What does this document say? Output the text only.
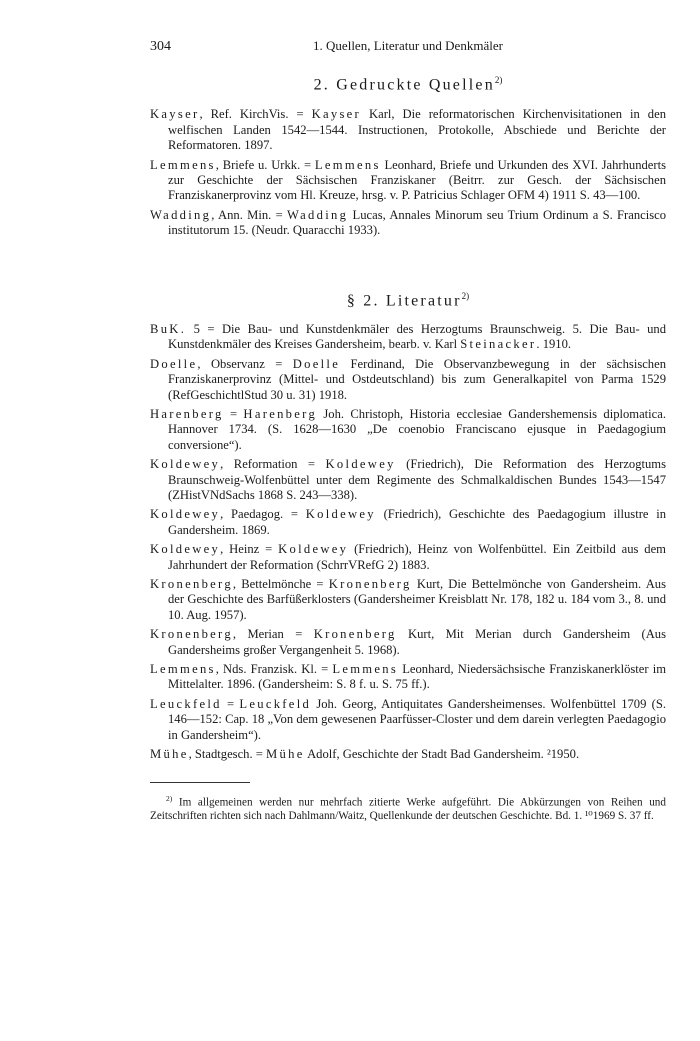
304	1. Quellen, Literatur und Denkmäler
2. Gedruckte Quellen$^{2)}$
Kayser, Ref. KirchVis. = Kayser Karl, Die reformatorischen Kirchenvisitationen in den welfischen Landen 1542—1544. Instructionen, Protokolle, Abschiede und Berichte der Reformatoren. 1897.
Lemmens, Briefe u. Urkk. = Lemmens Leonhard, Briefe und Urkunden des XVI. Jahrhunderts zur Geschichte der Sächsischen Franziskaner (Beitrr. zur Gesch. der Sächsischen Franziskanerprovinz vom Hl. Kreuze, hrsg. v. P. Patricius Schlager OFM 4) 1911 S. 43—100.
Wadding, Ann. Min. = Wadding Lucas, Annales Minorum seu Trium Ordinum a S. Francisco institutorum 15. (Neudr. Quaracchi 1933).
§ 2. Literatur$^{2)}$
BuK. 5 = Die Bau- und Kunstdenkmäler des Herzogtums Braunschweig. 5. Die Bau- und Kunstdenkmäler des Kreises Gandersheim, bearb. v. Karl Steinacker. 1910.
Doelle, Observanz = Doelle Ferdinand, Die Observanzbewegung in der sächsischen Franziskanerprovinz (Mittel- und Ostdeutschland) bis zum Generalkapitel von Parma 1529 (RefGeschichtlStud 30 u. 31) 1918.
Harenberg = Harenberg Joh. Christoph, Historia ecclesiae Gandershemensis diplomatica. Hannover 1734. (S. 1628—1630 „De coenobio Franciscano ejusque in Paedagogium conversione“).
Koldewey, Reformation = Koldewey (Friedrich), Die Reformation des Herzogtums Braunschweig-Wolfenbüttel unter dem Regimente des Schmalkaldischen Bundes 1543—1547 (ZHistVNdSachs 1868 S. 243—338).
Koldewey, Paedagog. = Koldewey (Friedrich), Geschichte des Paedagogium illustre in Gandersheim. 1869.
Koldewey, Heinz = Koldewey (Friedrich), Heinz von Wolfenbüttel. Ein Zeitbild aus dem Jahrhundert der Reformation (SchrrVRefG 2) 1883.
Kronenberg, Bettelmönche = Kronenberg Kurt, Die Bettelmönche von Gandersheim. Aus der Geschichte des Barfüßerklosters (Gandersheimer Kreisblatt Nr. 178, 182 u. 184 vom 3., 8. und 10. Aug. 1957).
Kronenberg, Merian = Kronenberg Kurt, Mit Merian durch Gandersheim (Aus Gandersheims großer Vergangenheit 5. 1968).
Lemmens, Nds. Franzisk. Kl. = Lemmens Leonhard, Niedersächsische Franziskanerklöster im Mittelalter. 1896. (Gandersheim: S. 8 f. u. S. 75 ff.).
Leuckfeld = Leuckfeld Joh. Georg, Antiquitates Gandersheimenses. Wolfenbüttel 1709 (S. 146—152: Cap. 18 „Von dem gewesenen Paarfüsser-Closter und dem darein verlegten Paedagogio in Gandersheim“).
Mühe, Stadtgesch. = Mühe Adolf, Geschichte der Stadt Bad Gandersheim. ²1950.
$^{2)}$ Im allgemeinen werden nur mehrfach zitierte Werke aufgeführt. Die Abkürzungen von Reihen und Zeitschriften richten sich nach Dahlmann/Waitz, Quellenkunde der deutschen Geschichte. Bd. 1. ¹⁰1969 S. 37 ff.
